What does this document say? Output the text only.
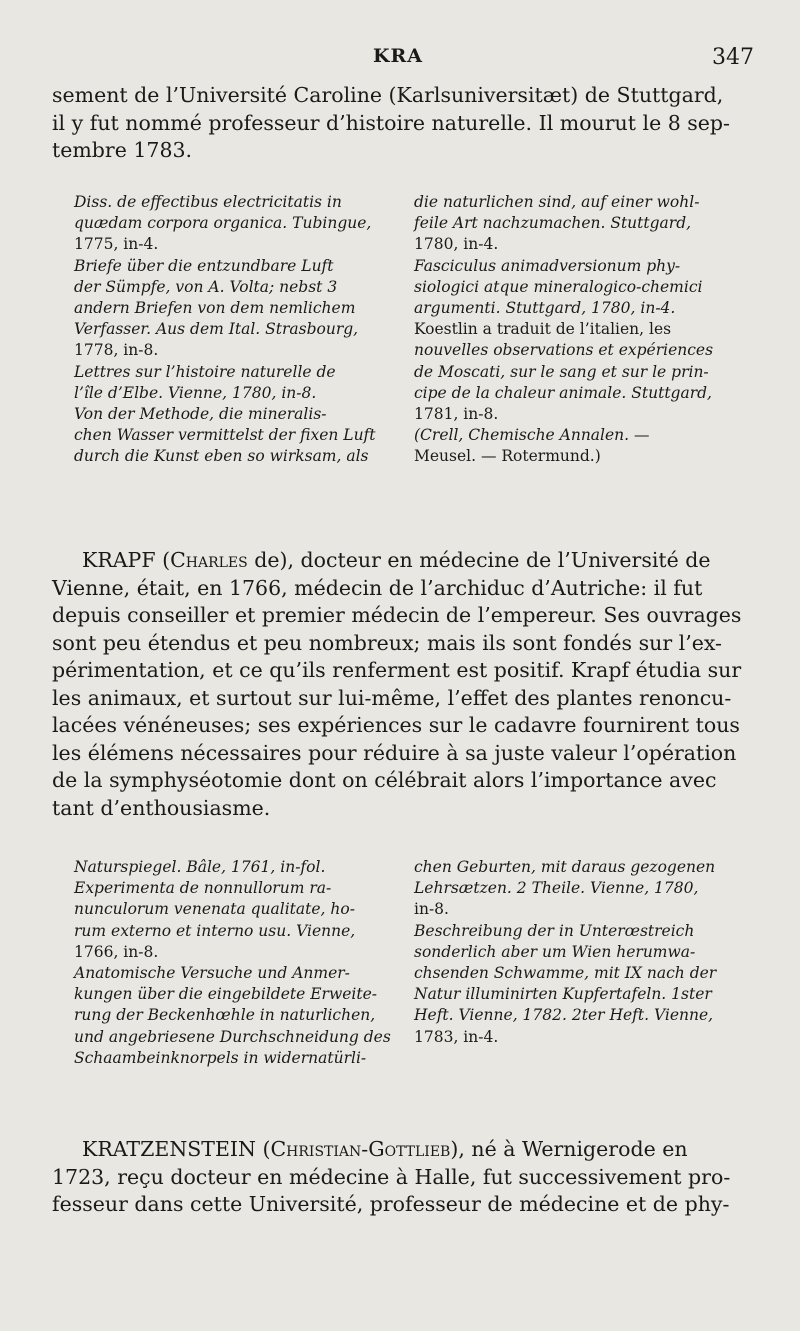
KRA	347
sement de l’Université Caroline (Karlsuniversitæt) de Stuttgard,
il y fut nommé professeur d’histoire naturelle. Il mourut le 8 sep-
tembre 1783.
Diss. de effectibus electricitatis in
quædam corpora organica. Tubingue,
1775, in-4.
Briefe über die entzundbare Luft
der Sümpfe, von A. Volta; nebst 3
andern Briefen von dem nemlichem
Verfasser. Aus dem Ital. Strasbourg,
1778, in-8.
Lettres sur l’histoire naturelle de
l’île d’Elbe. Vienne, 1780, in-8.
Von der Methode, die mineralis-
chen Wasser vermittelst der fixen Luft
durch die Kunst eben so wirksam, als
die naturlichen sind, auf einer wohl-
feile Art nachzumachen. Stuttgard,
1780, in-4.
Fasciculus animadversionum phy-
siologici atque mineralogico-chemici
argumenti. Stuttgard, 1780, in-4.
Koestlin a traduit de l’italien, les
nouvelles observations et expériences
de Moscati, sur le sang et sur le prin-
cipe de la chaleur animale. Stuttgard,
1781, in-8.
(Crell, Chemische Annalen. —
Meusel. — Rotermund.)
KRAPF (Charles de), docteur en médecine de l’Université de
Vienne, était, en 1766, médecin de l’archiduc d’Autriche: il fut
depuis conseiller et premier médecin de l’empereur. Ses ouvrages
sont peu étendus et peu nombreux; mais ils sont fondés sur l’ex-
périmentation, et ce qu’ils renferment est positif. Krapf étudia sur
les animaux, et surtout sur lui-même, l’effet des plantes renoncu-
lacées vénéneuses; ses expériences sur le cadavre fournirent tous
les élémens nécessaires pour réduire à sa juste valeur l’opération
de la symphyséotomie dont on célébrait alors l’importance avec
tant d’enthousiasme.
Naturspiegel. Bâle, 1761, in-fol.
Experimenta de nonnullorum ra-
nunculorum venenata qualitate, ho-
rum externo et interno usu. Vienne,
1766, in-8.
Anatomische Versuche und Anmer-
kungen über die eingebildete Erweite-
rung der Beckenhœhle in naturlichen,
und angebriesene Durchschneidung des
Schaambeinknorpels in widernatürli-
chen Geburten, mit daraus gezogenen
Lehrsætzen. 2 Theile. Vienne, 1780,
in-8.
Beschreibung der in Unterœstreich
sonderlich aber um Wien herumwa-
chsenden Schwamme, mit IX nach der
Natur illuminirten Kupfertafeln. 1ster
Heft. Vienne, 1782. 2ter Heft. Vienne,
1783, in-4.
KRATZENSTEIN (Christian-Gottlieb), né à Wernigerode en
1723, reçu docteur en médecine à Halle, fut successivement pro-
fesseur dans cette Université, professeur de médecine et de phy-
